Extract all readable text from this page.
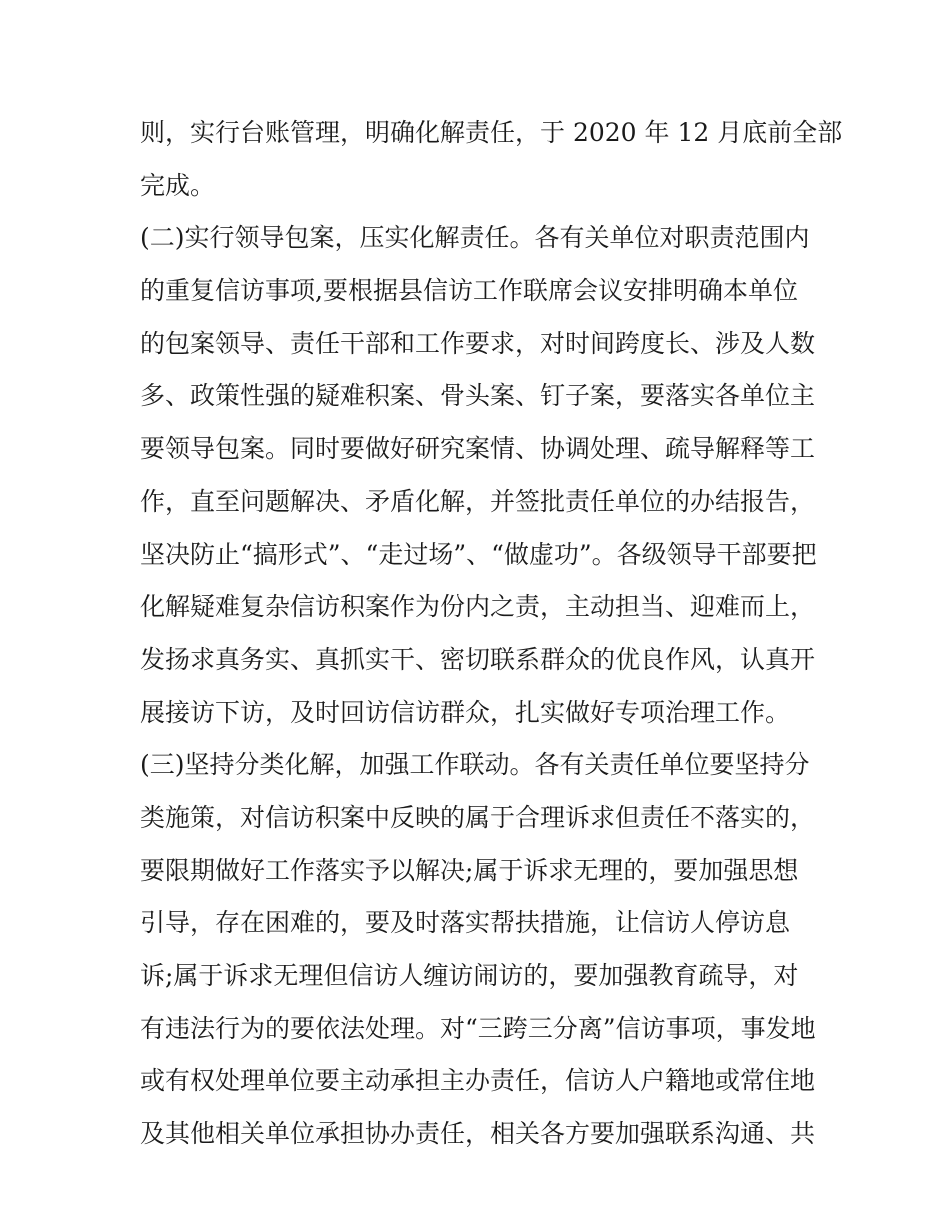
则，实行台账管理，明确化解责任，于 2020 年 12 月底前全部
完成。
(二)实行领导包案，压实化解责任。各有关单位对职责范围内
的重复信访事项,要根据县信访工作联席会议安排明确本单位
的包案领导、责任干部和工作要求，对时间跨度长、涉及人数
多、政策性强的疑难积案、骨头案、钉子案，要落实各单位主
要领导包案。同时要做好研究案情、协调处理、疏导解释等工
作，直至问题解决、矛盾化解，并签批责任单位的办结报告，
坚决防止“搞形式”、“走过场”、“做虚功”。各级领导干部要把
化解疑难复杂信访积案作为份内之责，主动担当、迎难而上，
发扬求真务实、真抓实干、密切联系群众的优良作风，认真开
展接访下访，及时回访信访群众，扎实做好专项治理工作。
(三)坚持分类化解，加强工作联动。各有关责任单位要坚持分
类施策，对信访积案中反映的属于合理诉求但责任不落实的，
要限期做好工作落实予以解决;属于诉求无理的，要加强思想
引导，存在困难的，要及时落实帮扶措施，让信访人停访息
诉;属于诉求无理但信访人缠访闹访的，要加强教育疏导，对
有违法行为的要依法处理。对“三跨三分离”信访事项，事发地
或有权处理单位要主动承担主办责任，信访人户籍地或常住地
及其他相关单位承担协办责任，相关各方要加强联系沟通、共
